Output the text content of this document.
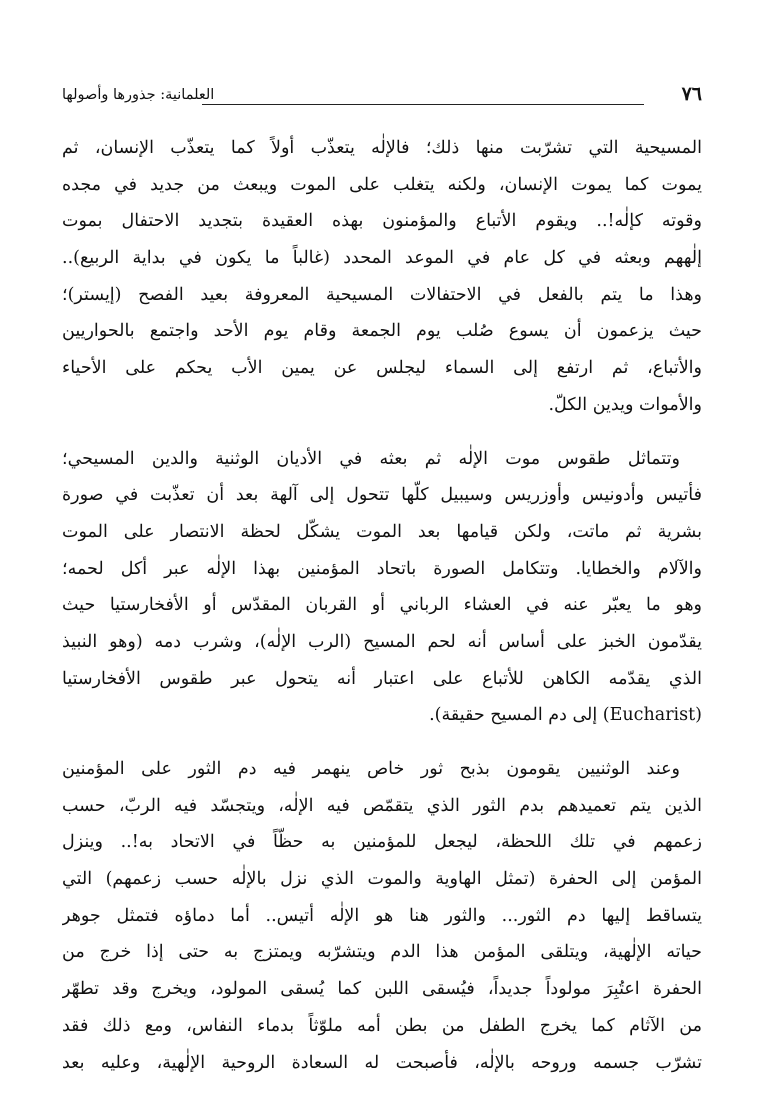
٧٦
العلمانية: جذورها وأصولها

المسيحية التي تشرّبت منها ذلك؛ فالإلٰه يتعذّب أولاً كما يتعذّب الإنسان، ثم
يموت كما يموت الإنسان، ولكنه يتغلب على الموت ويبعث من جديد في مجده
وقوته كإلٰه!.. ويقوم الأتباع والمؤمنون بهذه العقيدة بتجديد الاحتفال بموت
إلٰههم وبعثه في كل عام في الموعد المحدد (غالباً ما يكون في بداية الربيع)..
وهذا ما يتم بالفعل في الاحتفالات المسيحية المعروفة بعيد الفصح (إيستر)؛
حيث يزعمون أن يسوع صُلب يوم الجمعة وقام يوم الأحد واجتمع بالحواريين
والأتباع، ثم ارتفع إلى السماء ليجلس عن يمين الأب يحكم على الأحياء
والأموات ويدين الكلّ.

وتتماثل طقوس موت الإلٰه ثم بعثه في الأديان الوثنية والدين المسيحي؛
فأتيس وأدونيس وأوزريس وسيبيل كلّها تتحول إلى آلهة بعد أن تعذّبت في صورة
بشرية ثم ماتت، ولكن قيامها بعد الموت يشكّل لحظة الانتصار على الموت
والآلام والخطايا. وتتكامل الصورة باتحاد المؤمنين بهذا الإلٰه عبر أكل لحمه؛
وهو ما يعبّر عنه في العشاء الرباني أو القربان المقدّس أو الأفخارستيا حيث
يقدّمون الخبز على أساس أنه لحم المسيح (الرب الإلٰه)، وشرب دمه (وهو النبيذ
الذي يقدّمه الكاهن للأتباع على اعتبار أنه يتحول عبر طقوس الأفخارستيا
(Eucharist) إلى دم المسيح حقيقة).

وعند الوثنيين يقومون بذبح ثور خاص ينهمر فيه دم الثور على المؤمنين
الذين يتم تعميدهم بدم الثور الذي يتقمّص فيه الإلٰه، ويتجسّد فيه الربّ، حسب
زعمهم في تلك اللحظة، ليجعل للمؤمنين به حظّاً في الاتحاد به!.. وينزل
المؤمن إلى الحفرة (تمثل الهاوية والموت الذي نزل بالإلٰه حسب زعمهم) التي
يتساقط إليها دم الثور... والثور هنا هو الإلٰه أتيس.. أما دماؤه فتمثل جوهر
حياته الإلٰهية، ويتلقى المؤمن هذا الدم ويتشرّبه ويمتزج به حتى إذا خرج من
الحفرة اعتُبِرَ مولوداً جديداً، فيُسقى اللبن كما يُسقى المولود، ويخرج وقد تطهّر
من الآثام كما يخرج الطفل من بطن أمه ملوّثاً بدماء النفاس، ومع ذلك فقد
تشرّب جسمه وروحه بالإلٰه، فأصبحت له السعادة الروحية الإلٰهية، وعليه بعد
